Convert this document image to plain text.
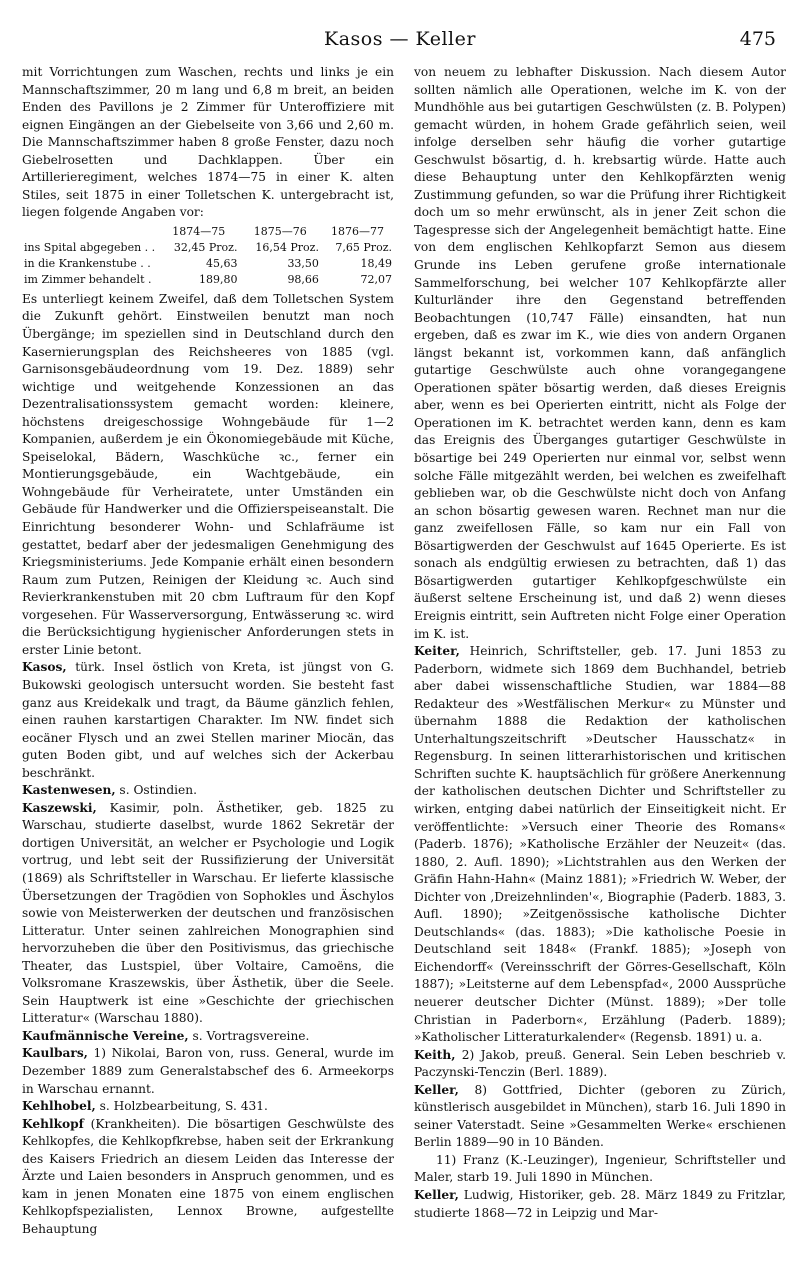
Kasos — Keller	475

mit Vorrichtungen zum Waschen, rechts und links je ein Mannschaftszimmer, 20 m lang und 6,8 m breit, an beiden Enden des Pavillons je 2 Zimmer für Unteroffiziere mit eignen Eingängen an der Giebelseite von 3,66 und 2,60 m. Die Mannschaftszimmer haben 8 große Fenster, dazu noch Giebelrosetten und Dachklappen. Über ein Artillerieregiment, welches 1874—75 in einer K. alten Stiles, seit 1875 in einer Tolletschen K. untergebracht ist, liegen folgende Angaben vor:

	1874—75	1875—76	1876—77
ins Spital abgegeben . .	32,45 Proz.	16,54 Proz.	7,65 Proz.
in die Krankenstube . .	45,63	33,50	18,49
im Zimmer behandelt .	189,80	98,66	72,07

Es unterliegt keinem Zweifel, daß dem Tolletschen System die Zukunft gehört. Einstweilen benutzt man noch Übergänge; im speziellen sind in Deutschland durch den Kasernierungsplan des Reichsheeres von 1885 (vgl. Garnisonsgebäudeordnung vom 19. Dez. 1889) sehr wichtige und weitgehende Konzessionen an das Dezentralisationssystem gemacht worden: kleinere, höchstens dreigeschossige Wohngebäude für 1—2 Kompanien, außerdem je ein Ökonomiegebäude mit Küche, Speiselokal, Bädern, Waschküche ꝛc., ferner ein Montierungsgebäude, ein Wachtgebäude, ein Wohngebäude für Verheiratete, unter Umständen ein Gebäude für Handwerker und die Offizierspeiseanstalt. Die Einrichtung besonderer Wohn- und Schlafräume ist gestattet, bedarf aber der jedesmaligen Genehmigung des Kriegsministeriums. Jede Kompanie erhält einen besondern Raum zum Putzen, Reinigen der Kleidung ꝛc. Auch sind Revierkrankenstuben mit 20 cbm Luftraum für den Kopf vorgesehen. Für Wasserversorgung, Entwässerung ꝛc. wird die Berücksichtigung hygienischer Anforderungen stets in erster Linie betont.

Kasos, türk. Insel östlich von Kreta, ist jüngst von G. Bukowski geologisch untersucht worden. Sie besteht fast ganz aus Kreidekalk und tragt, da Bäume gänzlich fehlen, einen rauhen karstartigen Charakter. Im NW. findet sich eocäner Flysch und an zwei Stellen mariner Miocän, das guten Boden gibt, und auf welches sich der Ackerbau beschränkt.

Kastenwesen, s. Ostindien.

Kaszewski, Kasimir, poln. Ästhetiker, geb. 1825 zu Warschau, studierte daselbst, wurde 1862 Sekretär der dortigen Universität, an welcher er Psychologie und Logik vortrug, und lebt seit der Russifizierung der Universität (1869) als Schriftsteller in Warschau. Er lieferte klassische Übersetzungen der Tragödien von Sophokles und Äschylos sowie von Meisterwerken der deutschen und französischen Litteratur. Unter seinen zahlreichen Monographien sind hervorzuheben die über den Positivismus, das griechische Theater, das Lustspiel, über Voltaire, Camoëns, die Volksromane Kraszewskis, über Ästhetik, über die Seele. Sein Hauptwerk ist eine »Geschichte der griechischen Litteratur« (Warschau 1880).

Kaufmännische Vereine, s. Vortragsvereine.

Kaulbars, 1) Nikolai, Baron von, russ. General, wurde im Dezember 1889 zum Generalstabschef des 6. Armeekorps in Warschau ernannt.

Kehlhobel, s. Holzbearbeitung, S. 431.

Kehlkopf (Krankheiten). Die bösartigen Geschwülste des Kehlkopfes, die Kehlkopfkrebse, haben seit der Erkrankung des Kaisers Friedrich an diesem Leiden das Interesse der Ärzte und Laien besonders in Anspruch genommen, und es kam in jenen Monaten eine 1875 von einem englischen Kehlkopfspezialisten, Lennox Browne, aufgestellte Behauptung

von neuem zu lebhafter Diskussion. Nach diesem Autor sollten nämlich alle Operationen, welche im K. von der Mundhöhle aus bei gutartigen Geschwülsten (z. B. Polypen) gemacht würden, in hohem Grade gefährlich seien, weil infolge derselben sehr häufig die vorher gutartige Geschwulst bösartig, d. h. krebsartig würde. Hatte auch diese Behauptung unter den Kehlkopfärzten wenig Zustimmung gefunden, so war die Prüfung ihrer Richtigkeit doch um so mehr erwünscht, als in jener Zeit schon die Tagespresse sich der Angelegenheit bemächtigt hatte. Eine von dem englischen Kehlkopfarzt Semon aus diesem Grunde ins Leben gerufene große internationale Sammelforschung, bei welcher 107 Kehlkopfärzte aller Kulturländer ihre den Gegenstand betreffenden Beobachtungen (10,747 Fälle) einsandten, hat nun ergeben, daß es zwar im K., wie dies von andern Organen längst bekannt ist, vorkommen kann, daß anfänglich gutartige Geschwülste auch ohne vorangegangene Operationen später bösartig werden, daß dieses Ereignis aber, wenn es bei Operierten eintritt, nicht als Folge der Operationen im K. betrachtet werden kann, denn es kam das Ereignis des Überganges gutartiger Geschwülste in bösartige bei 249 Operierten nur einmal vor, selbst wenn solche Fälle mitgezählt werden, bei welchen es zweifelhaft geblieben war, ob die Geschwülste nicht doch von Anfang an schon bösartig gewesen waren. Rechnet man nur die ganz zweifellosen Fälle, so kam nur ein Fall von Bösartigwerden der Geschwulst auf 1645 Operierte. Es ist sonach als endgültig erwiesen zu betrachten, daß 1) das Bösartigwerden gutartiger Kehlkopfgeschwülste ein äußerst seltene Erscheinung ist, und daß 2) wenn dieses Ereignis eintritt, sein Auftreten nicht Folge einer Operation im K. ist.

Keiter, Heinrich, Schriftsteller, geb. 17. Juni 1853 zu Paderborn, widmete sich 1869 dem Buchhandel, betrieb aber dabei wissenschaftliche Studien, war 1884—88 Redakteur des »Westfälischen Merkur« zu Münster und übernahm 1888 die Redaktion der katholischen Unterhaltungszeitschrift »Deutscher Hausschatz« in Regensburg. In seinen litterarhistorischen und kritischen Schriften suchte K. hauptsächlich für größere Anerkennung der katholischen deutschen Dichter und Schriftsteller zu wirken, entging dabei natürlich der Einseitigkeit nicht. Er veröffentlichte: »Versuch einer Theorie des Romans« (Paderb. 1876); »Katholische Erzähler der Neuzeit« (das. 1880, 2. Aufl. 1890); »Lichtstrahlen aus den Werken der Gräfin Hahn-Hahn« (Mainz 1881); »Friedrich W. Weber, der Dichter von ,Dreizehnlinden'«, Biographie (Paderb. 1883, 3. Aufl. 1890); »Zeitgenössische katholische Dichter Deutschlands« (das. 1883); »Die katholische Poesie in Deutschland seit 1848« (Frankf. 1885); »Joseph von Eichendorff« (Vereinsschrift der Görres-Gesellschaft, Köln 1887); »Leitsterne auf dem Lebenspfad«, 2000 Aussprüche neuerer deutscher Dichter (Münst. 1889); »Der tolle Christian in Paderborn«, Erzählung (Paderb. 1889); »Katholischer Litteraturkalender« (Regensb. 1891) u. a.

Keith, 2) Jakob, preuß. General. Sein Leben beschrieb v. Paczynski-Tenczin (Berl. 1889).

Keller, 8) Gottfried, Dichter (geboren zu Zürich, künstlerisch ausgebildet in München), starb 16. Juli 1890 in seiner Vaterstadt. Seine »Gesammelten Werke« erschienen Berlin 1889—90 in 10 Bänden.

11) Franz (K.-Leuzinger), Ingenieur, Schriftsteller und Maler, starb 19. Juli 1890 in München.

Keller, Ludwig, Historiker, geb. 28. März 1849 zu Fritzlar, studierte 1868—72 in Leipzig und Mar-
